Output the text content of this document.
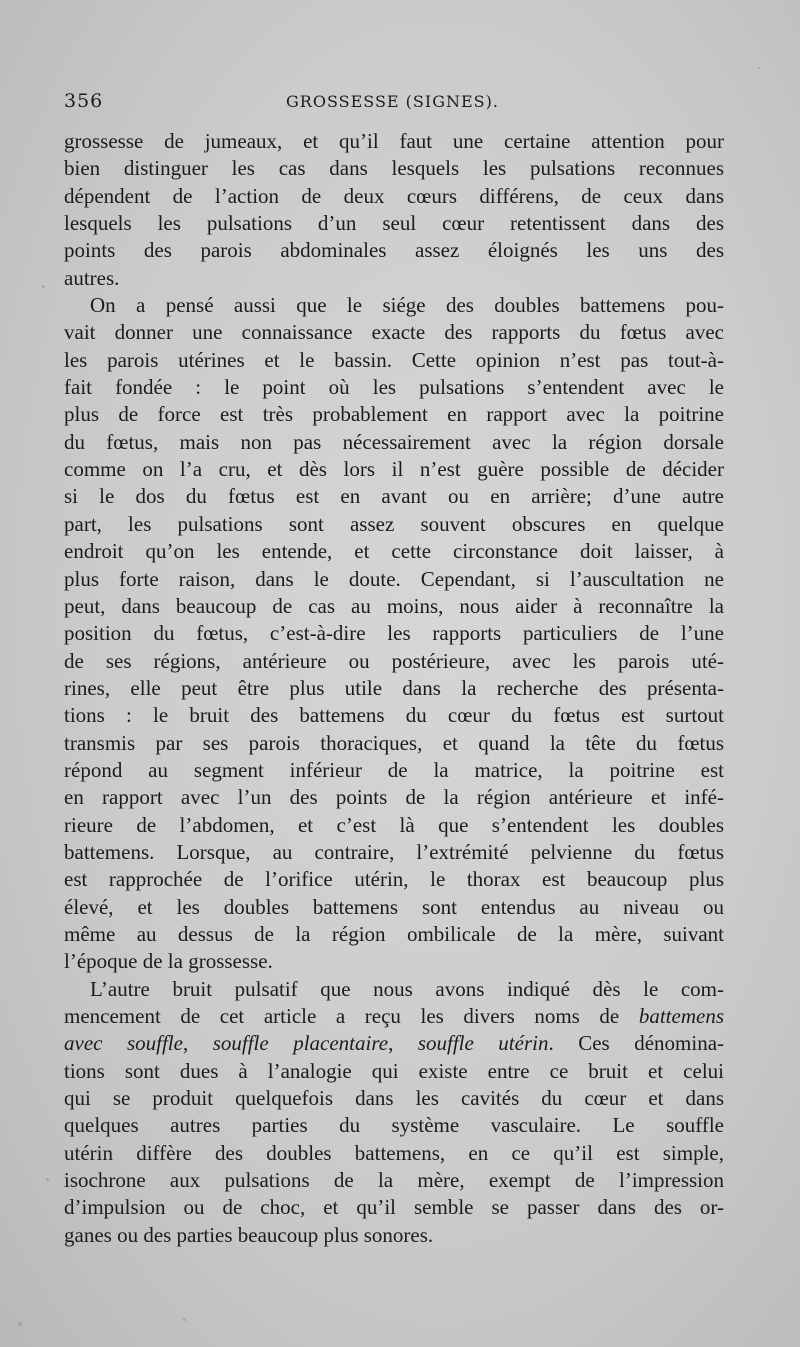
356	GROSSESSE (SIGNES).
grossesse de jumeaux, et qu’il faut une certaine attention pour
bien distinguer les cas dans lesquels les pulsations reconnues
dépendent de l’action de deux cœurs différens, de ceux dans
lesquels les pulsations d’un seul cœur retentissent dans des
points des parois abdominales assez éloignés les uns des
autres.
On a pensé aussi que le siége des doubles battemens pou-
vait donner une connaissance exacte des rapports du fœtus avec
les parois utérines et le bassin. Cette opinion n’est pas tout-à-
fait fondée : le point où les pulsations s’entendent avec le
plus de force est très probablement en rapport avec la poitrine
du fœtus, mais non pas nécessairement avec la région dorsale
comme on l’a cru, et dès lors il n’est guère possible de décider
si le dos du fœtus est en avant ou en arrière; d’une autre
part, les pulsations sont assez souvent obscures en quelque
endroit qu’on les entende, et cette circonstance doit laisser, à
plus forte raison, dans le doute. Cependant, si l’auscultation ne
peut, dans beaucoup de cas au moins, nous aider à reconnaître la
position du fœtus, c’est-à-dire les rapports particuliers de l’une
de ses régions, antérieure ou postérieure, avec les parois uté-
rines, elle peut être plus utile dans la recherche des présenta-
tions : le bruit des battemens du cœur du fœtus est surtout
transmis par ses parois thoraciques, et quand la tête du fœtus
répond au segment inférieur de la matrice, la poitrine est
en rapport avec l’un des points de la région antérieure et infé-
rieure de l’abdomen, et c’est là que s’entendent les doubles
battemens. Lorsque, au contraire, l’extrémité pelvienne du fœtus
est rapprochée de l’orifice utérin, le thorax est beaucoup plus
élevé, et les doubles battemens sont entendus au niveau ou
même au dessus de la région ombilicale de la mère, suivant
l’époque de la grossesse.
L’autre bruit pulsatif que nous avons indiqué dès le com-
mencement de cet article a reçu les divers noms de battemens
avec souffle, souffle placentaire, souffle utérin. Ces dénomina-
tions sont dues à l’analogie qui existe entre ce bruit et celui
qui se produit quelquefois dans les cavités du cœur et dans
quelques autres parties du système vasculaire. Le souffle
utérin diffère des doubles battemens, en ce qu’il est simple,
isochrone aux pulsations de la mère, exempt de l’impression
d’impulsion ou de choc, et qu’il semble se passer dans des or-
ganes ou des parties beaucoup plus sonores.
